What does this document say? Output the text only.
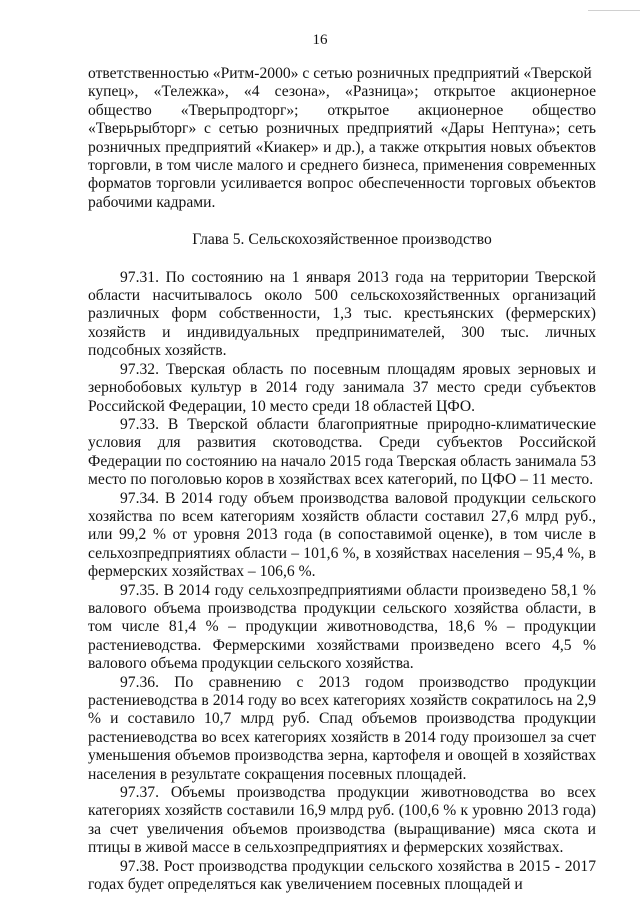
16

ответственностью «Ритм-2000» с сетью розничных предприятий «Тверской
купец», «Тележка», «4 сезона», «Разница»; открытое акционерное общество «Тверьпродторг»; открытое акционерное общество «Тверьрыбторг» с сетью розничных предприятий «Дары Нептуна»; сеть розничных предприятий «Киакер» и др.), а также открытия новых объектов торговли, в том числе малого и среднего бизнеса, применения современных форматов торговли усиливается вопрос обеспеченности торговых объектов рабочими кадрами.

Глава 5. Сельскохозяйственное производство

97.31. По состоянию на 1 января 2013 года на территории Тверской области насчитывалось около 500 сельскохозяйственных организаций различных форм собственности, 1,3 тыс. крестьянских (фермерских) хозяйств и индивидуальных предпринимателей, 300 тыс. личных подсобных хозяйств.

97.32. Тверская область по посевным площадям яровых зерновых и зернобобовых культур в 2014 году занимала 37 место среди субъектов Российской Федерации, 10 место среди 18 областей ЦФО.

97.33. В Тверской области благоприятные природно-климатические условия для развития скотоводства. Среди субъектов Российской Федерации по состоянию на начало 2015 года Тверская область занимала 53 место по поголовью коров в хозяйствах всех категорий, по ЦФО – 11 место.

97.34. В 2014 году объем производства валовой продукции сельского хозяйства по всем категориям хозяйств области составил 27,6 млрд руб., или 99,2 % от уровня 2013 года (в сопоставимой оценке), в том числе в сельхозпредприятиях области – 101,6 %, в хозяйствах населения – 95,4 %, в фермерских хозяйствах – 106,6 %.

97.35. В 2014 году сельхозпредприятиями области произведено 58,1 % валового объема производства продукции сельского хозяйства области, в том числе 81,4 % – продукции животноводства, 18,6 % – продукции растениеводства. Фермерскими хозяйствами произведено всего 4,5 % валового объема продукции сельского хозяйства.

97.36. По сравнению с 2013 годом производство продукции растениеводства в 2014 году во всех категориях хозяйств сократилось на 2,9 % и составило 10,7 млрд руб. Спад объемов производства продукции растениеводства во всех категориях хозяйств в 2014 году произошел за счет уменьшения объемов производства зерна, картофеля и овощей в хозяйствах населения в результате сокращения посевных площадей.

97.37. Объемы производства продукции животноводства во всех категориях хозяйств составили 16,9 млрд руб. (100,6 % к уровню 2013 года) за счет увеличения объемов производства (выращивание) мяса скота и птицы в живой массе в сельхозпредприятиях и фермерских хозяйствах.

97.38. Рост производства продукции сельского хозяйства в 2015 - 2017 годах будет определяться как увеличением посевных площадей и
